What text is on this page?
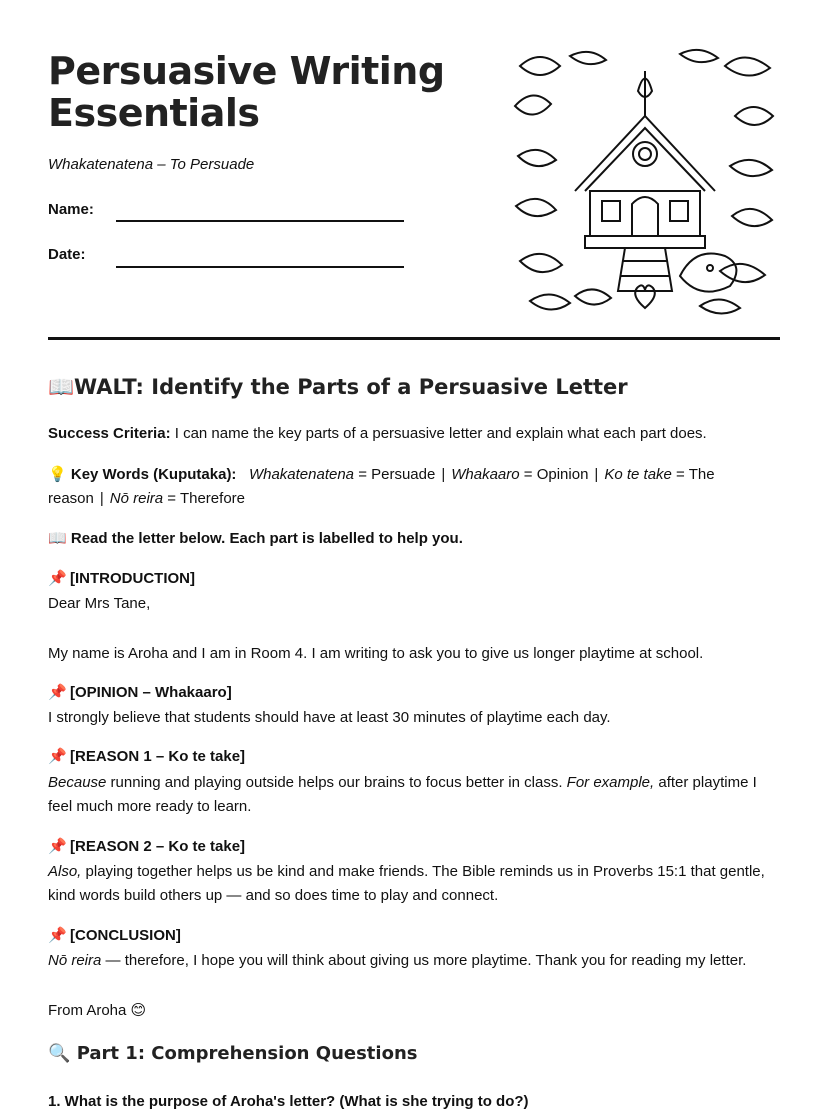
Persuasive Writing Essentials
Whakatenatena – To Persuade
Name:
Date:
📖WALT: Identify the Parts of a Persuasive Letter
Success Criteria: I can name the key parts of a persuasive letter and explain what each part does.
💡 Key Words (Kuputaka): Whakatenatena = Persuade | Whakaaro = Opinion | Ko te take = The reason | Nō reira = Therefore
📖 Read the letter below. Each part is labelled to help you.
📌 [INTRODUCTION]
Dear Mrs Tane,
My name is Aroha and I am in Room 4. I am writing to ask you to give us longer playtime at school.
📌 [OPINION – Whakaaro]
I strongly believe that students should have at least 30 minutes of playtime each day.
📌 [REASON 1 – Ko te take]
Because running and playing outside helps our brains to focus better in class. For example, after playtime I feel much more ready to learn.
📌 [REASON 2 – Ko te take]
Also, playing together helps us be kind and make friends. The Bible reminds us in Proverbs 15:1 that gentle, kind words build others up — and so does time to play and connect.
📌 [CONCLUSION]
Nō reira — therefore, I hope you will think about giving us more playtime. Thank you for reading my letter.
From Aroha 😊
🔍 Part 1: Comprehension Questions
1. What is the purpose of Aroha's letter? (What is she trying to do?)
